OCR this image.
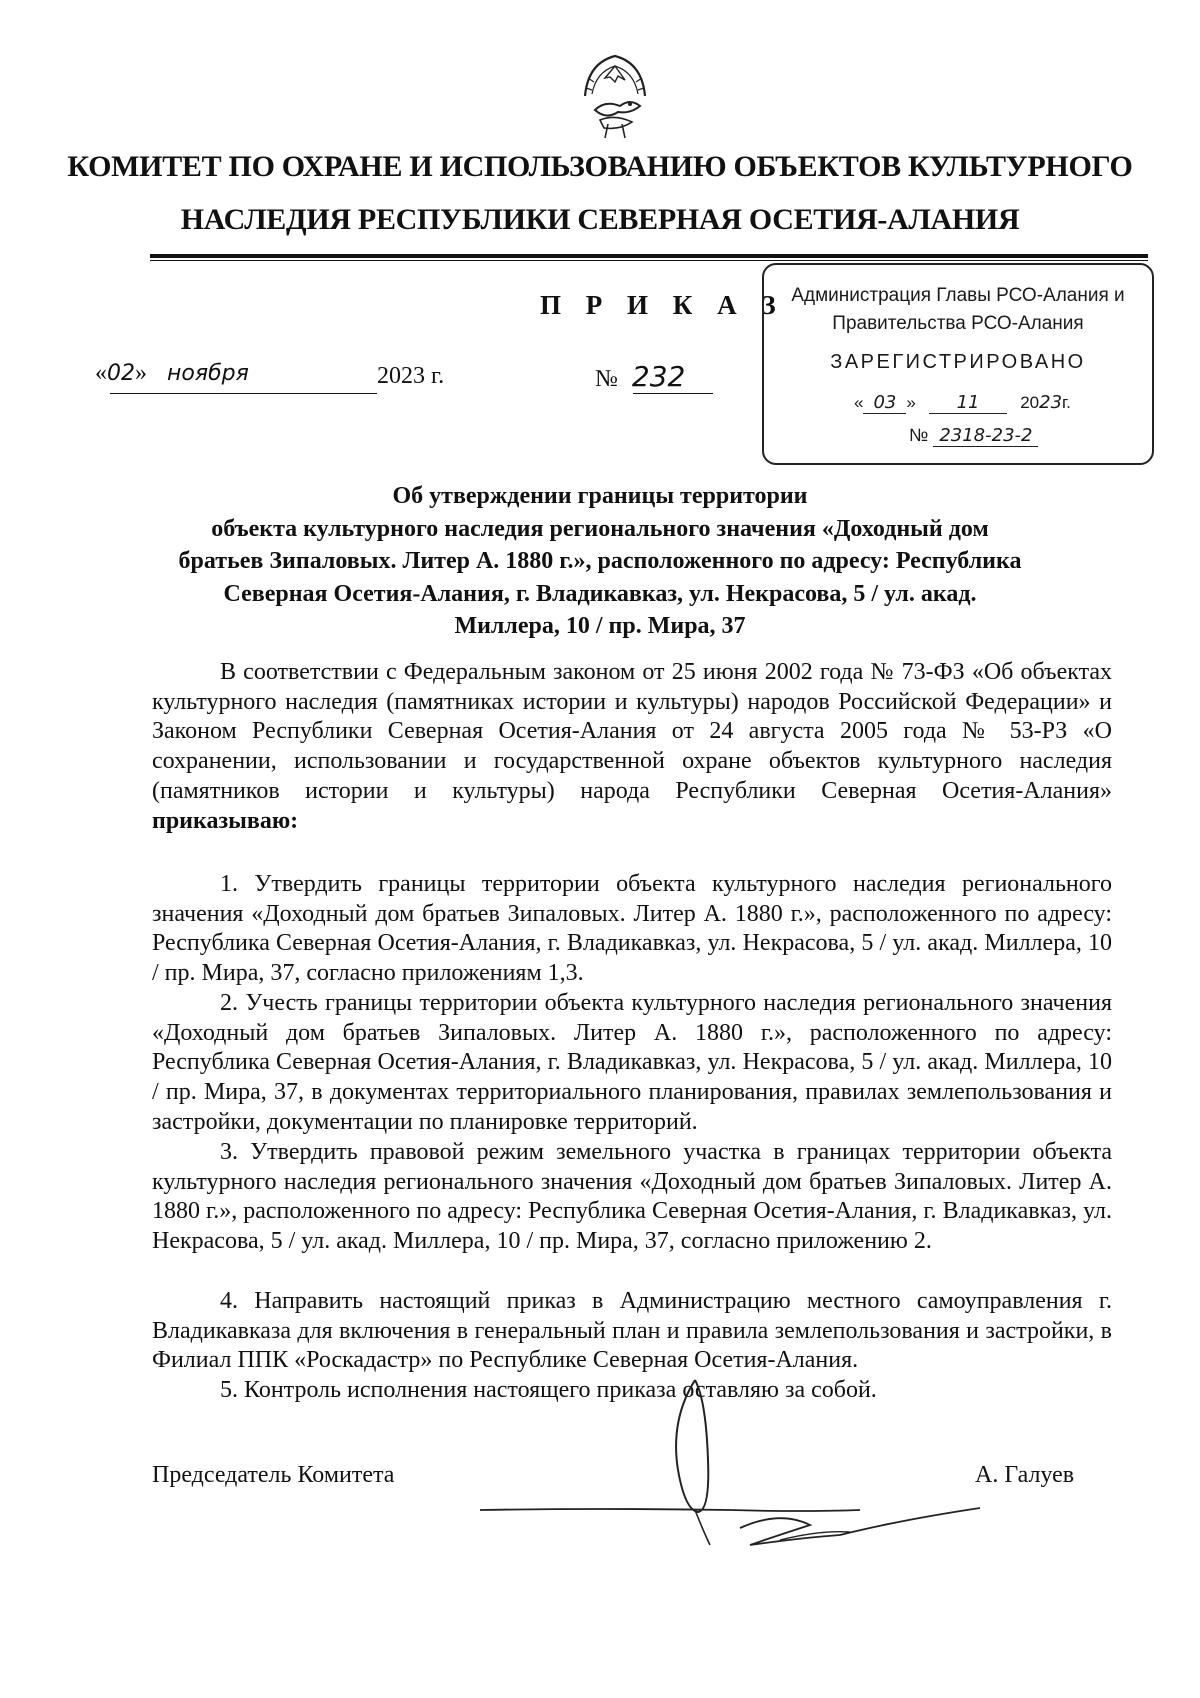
КОМИТЕТ ПО ОХРАНЕ И ИСПОЛЬЗОВАНИЮ ОБЪЕКТОВ КУЛЬТУРНОГО
НАСЛЕДИЯ РЕСПУБЛИКИ СЕВЕРНАЯ ОСЕТИЯ-АЛАНИЯ
П Р И К А З
«02» ноября	2023 г.	№ 232
Администрация Главы РСО-Алания и
Правительства РСО-Алания
ЗАРЕГИСТРИРОВАНО
« 03 » 11 2023г.
№ 2318-23-2
Об утверждении границы территории
объекта культурного наследия регионального значения «Доходный дом
братьев Зипаловых. Литер А. 1880 г.», расположенного по адресу: Республика
Северная Осетия-Алания, г. Владикавказ, ул. Некрасова, 5 / ул. акад.
Миллера, 10 / пр. Мира, 37
В соответствии с Федеральным законом от 25 июня 2002 года № 73-ФЗ «Об объектах культурного наследия (памятниках истории и культуры) народов Российской Федерации» и Законом Республики Северная Осетия-Алания от 24 августа 2005 года № 53-РЗ «О сохранении, использовании и государственной охране объектов культурного наследия (памятников истории и культуры) народа Республики Северная Осетия-Алания» приказываю:
1. Утвердить границы территории объекта культурного наследия регионального значения «Доходный дом братьев Зипаловых. Литер А. 1880 г.», расположенного по адресу: Республика Северная Осетия-Алания, г. Владикавказ, ул. Некрасова, 5 / ул. акад. Миллера, 10 / пр. Мира, 37, согласно приложениям 1,3.
2. Учесть границы территории объекта культурного наследия регионального значения «Доходный дом братьев Зипаловых. Литер А. 1880 г.», расположенного по адресу: Республика Северная Осетия-Алания, г. Владикавказ, ул. Некрасова, 5 / ул. акад. Миллера, 10 / пр. Мира, 37, в документах территориального планирования, правилах землепользования и застройки, документации по планировке территорий.
3. Утвердить правовой режим земельного участка в границах территории объекта культурного наследия регионального значения «Доходный дом братьев Зипаловых. Литер А. 1880 г.», расположенного по адресу: Республика Северная Осетия-Алания, г. Владикавказ, ул. Некрасова, 5 / ул. акад. Миллера, 10 / пр. Мира, 37, согласно приложению 2.
4. Направить настоящий приказ в Администрацию местного самоуправления г. Владикавказа для включения в генеральный план и правила землепользования и застройки, в Филиал ППК «Роскадастр» по Республике Северная Осетия-Алания.
5. Контроль исполнения настоящего приказа оставляю за собой.
Председатель Комитета	А. Галуев
